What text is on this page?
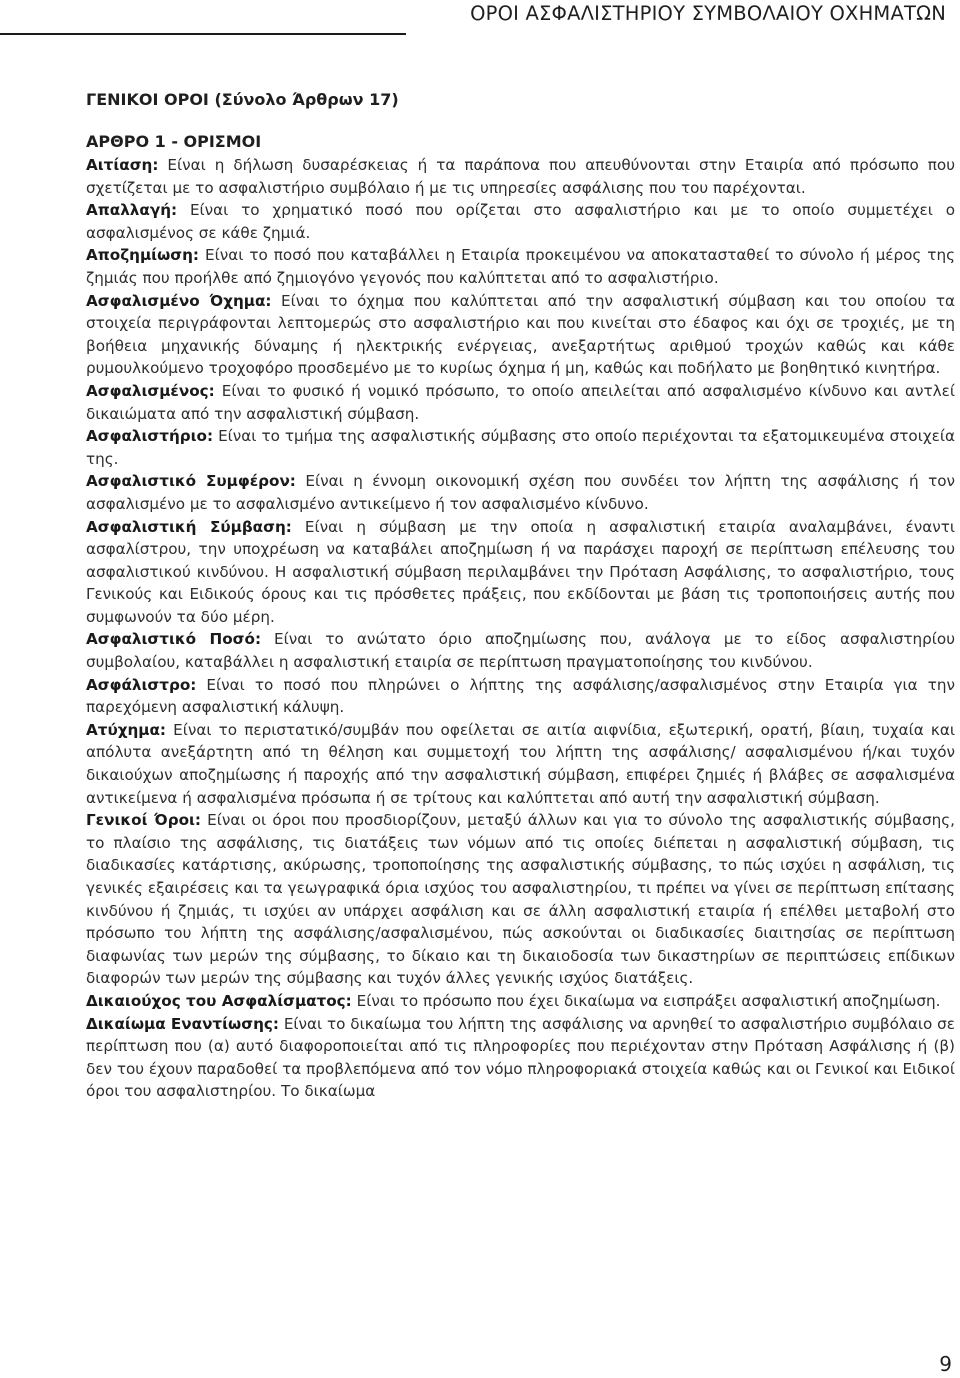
ΟΡΟΙ ΑΣΦΑΛΙΣΤΗΡΙΟΥ ΣΥΜΒΟΛΑΙΟΥ ΟΧΗΜΑΤΩΝ
ΓΕΝΙΚΟΙ ΟΡΟΙ (Σύνολο Άρθρων 17)
ΑΡΘΡΟ 1 - ΟΡΙΣΜΟΙ

Αιτίαση: Είναι η δήλωση δυσαρέσκειας ή τα παράπονα που απευθύνονται στην Εταιρία από πρόσωπο που σχετίζεται με το ασφαλιστήριο συμβόλαιο ή με τις υπηρεσίες ασφάλισης που του παρέχονται.

Απαλλαγή: Είναι το χρηματικό ποσό που ορίζεται στο ασφαλιστήριο και με το οποίο συμμετέχει ο ασφαλισμένος σε κάθε ζημιά.

Αποζημίωση: Είναι το ποσό που καταβάλλει η Εταιρία προκειμένου να αποκατασταθεί το σύνολο ή μέρος της ζημιάς που προήλθε από ζημιογόνο γεγονός που καλύπτεται από το ασφαλιστήριο.

Ασφαλισμένο Όχημα: Είναι το όχημα που καλύπτεται από την ασφαλιστική σύμβαση και του οποίου τα στοιχεία περιγράφονται λεπτομερώς στο ασφαλιστήριο και που κινείται στο έδαφος και όχι σε τροχιές, με τη βοήθεια μηχανικής δύναμης ή ηλεκτρικής ενέργειας, ανεξαρτήτως αριθμού τροχών καθώς και κάθε ρυμουλκούμενο τροχοφόρο προσδεμένο με το κυρίως όχημα ή μη, καθώς και ποδήλατο με βοηθητικό κινητήρα.

Ασφαλισμένος: Είναι το φυσικό ή νομικό πρόσωπο, το οποίο απειλείται από ασφαλισμένο κίνδυνο και αντλεί δικαιώματα από την ασφαλιστική σύμβαση.

Ασφαλιστήριο: Είναι το τμήμα της ασφαλιστικής σύμβασης στο οποίο περιέχονται τα εξατομικευμένα στοιχεία της.

Ασφαλιστικό Συμφέρον: Είναι η έννομη οικονομική σχέση που συνδέει τον λήπτη της ασφάλισης ή τον ασφαλισμένο με το ασφαλισμένο αντικείμενο ή τον ασφαλισμένο κίνδυνο.

Ασφαλιστική Σύμβαση: Είναι η σύμβαση με την οποία η ασφαλιστική εταιρία αναλαμβάνει, έναντι ασφαλίστρου, την υποχρέωση να καταβάλει αποζημίωση ή να παράσχει παροχή σε περίπτωση επέλευσης του ασφαλιστικού κινδύνου. Η ασφαλιστική σύμβαση περιλαμβάνει την Πρόταση Ασφάλισης, το ασφαλιστήριο, τους Γενικούς και Ειδικούς όρους και τις πρόσθετες πράξεις, που εκδίδονται με βάση τις τροποποιήσεις αυτής που συμφωνούν τα δύο μέρη.

Ασφαλιστικό Ποσό: Είναι το ανώτατο όριο αποζημίωσης που, ανάλογα με το είδος ασφαλιστηρίου συμβολαίου, καταβάλλει η ασφαλιστική εταιρία σε περίπτωση πραγματοποίησης του κινδύνου.

Ασφάλιστρο: Είναι το ποσό που πληρώνει ο λήπτης της ασφάλισης/ασφαλισμένος στην Εταιρία για την παρεχόμενη ασφαλιστική κάλυψη.

Ατύχημα: Είναι το περιστατικό/συμβάν που οφείλεται σε αιτία αιφνίδια, εξωτερική, ορατή, βίαιη, τυχαία και απόλυτα ανεξάρτητη από τη θέληση και συμμετοχή του λήπτη της ασφάλισης/ ασφαλισμένου ή/και τυχόν δικαιούχων αποζημίωσης ή παροχής από την ασφαλιστική σύμβαση, επιφέρει ζημιές ή βλάβες σε ασφαλισμένα αντικείμενα ή ασφαλισμένα πρόσωπα ή σε τρίτους και καλύπτεται από αυτή την ασφαλιστική σύμβαση.

Γενικοί Όροι: Είναι οι όροι που προσδιορίζουν, μεταξύ άλλων και για το σύνολο της ασφαλιστικής σύμβασης, το πλαίσιο της ασφάλισης, τις διατάξεις των νόμων από τις οποίες διέπεται η ασφαλιστική σύμβαση, τις διαδικασίες κατάρτισης, ακύρωσης, τροποποίησης της ασφαλιστικής σύμβασης, το πώς ισχύει η ασφάλιση, τις γενικές εξαιρέσεις και τα γεωγραφικά όρια ισχύος του ασφαλιστηρίου, τι πρέπει να γίνει σε περίπτωση επίτασης κινδύνου ή ζημιάς, τι ισχύει αν υπάρχει ασφάλιση και σε άλλη ασφαλιστική εταιρία ή επέλθει μεταβολή στο πρόσωπο του λήπτη της ασφάλισης/ασφαλισμένου, πώς ασκούνται οι διαδικασίες διαιτησίας σε περίπτωση διαφωνίας των μερών της σύμβασης, το δίκαιο και τη δικαιοδοσία των δικαστηρίων σε περιπτώσεις επίδικων διαφορών των μερών της σύμβασης και τυχόν άλλες γενικής ισχύος διατάξεις.

Δικαιούχος του Ασφαλίσματος: Είναι το πρόσωπο που έχει δικαίωμα να εισπράξει ασφαλιστική αποζημίωση.

Δικαίωμα Εναντίωσης: Είναι το δικαίωμα του λήπτη της ασφάλισης να αρνηθεί το ασφαλιστήριο συμβόλαιο σε περίπτωση που (α) αυτό διαφοροποιείται από τις πληροφορίες που περιέχονταν στην Πρόταση Ασφάλισης ή (β) δεν του έχουν παραδοθεί τα προβλεπόμενα από τον νόμο πληροφοριακά στοιχεία καθώς και οι Γενικοί και Ειδικοί όροι του ασφαλιστηρίου. Το δικαίωμα

9
